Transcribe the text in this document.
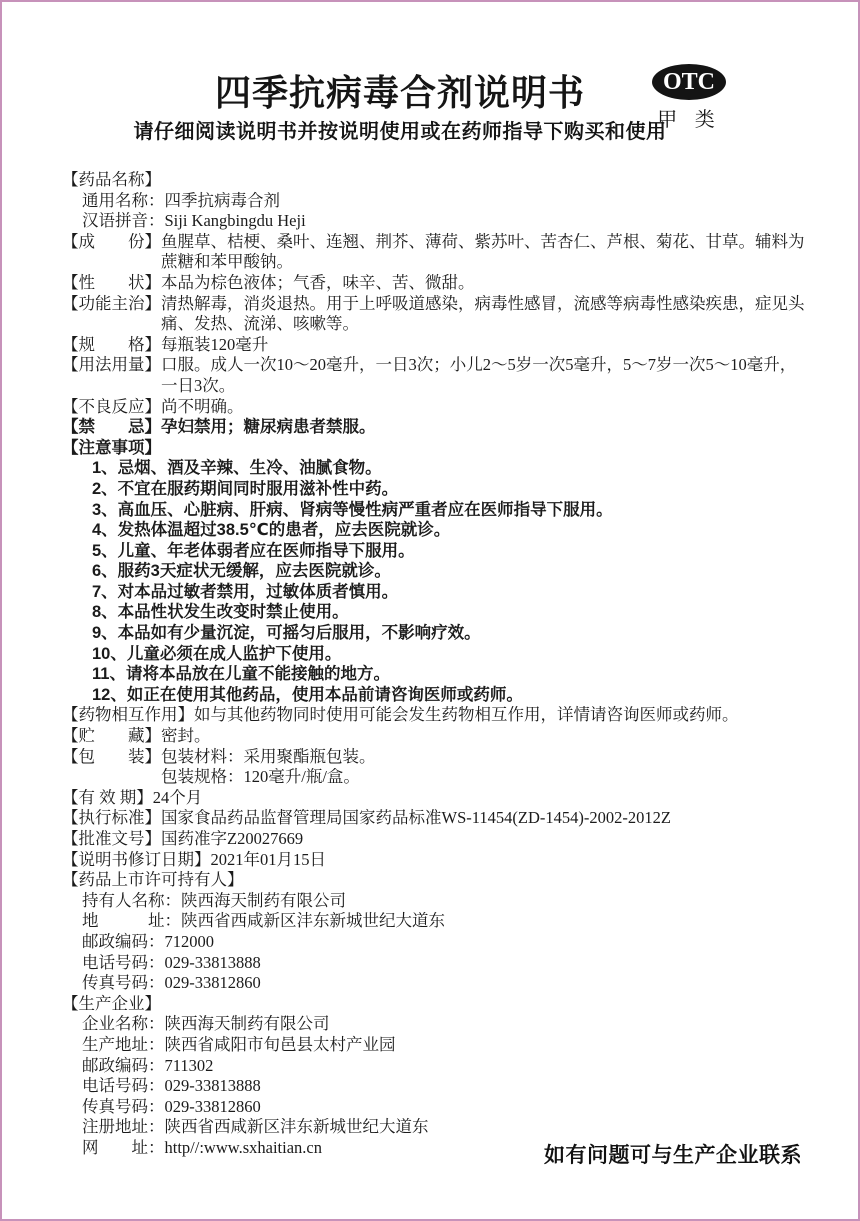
四季抗病毒合剂说明书
请仔细阅读说明书并按说明使用或在药师指导下购买和使用
OTC
甲 类
【药品名称】
通用名称：四季抗病毒合剂
汉语拼音：Siji Kangbingdu Heji
【成　　份】 鱼腥草、桔梗、桑叶、连翘、荆芥、薄荷、紫苏叶、苦杏仁、芦根、菊花、甘草。辅料为蔗糖和苯甲酸钠。
【性　　状】 本品为棕色液体；气香，味辛、苦、微甜。
【功能主治】 清热解毒，消炎退热。用于上呼吸道感染，病毒性感冒，流感等病毒性感染疾患，症见头痛、发热、流涕、咳嗽等。
【规　　格】 每瓶装120毫升
【用法用量】 口服。成人一次10～20毫升，一日3次；小儿2～5岁一次5毫升，5～7岁一次5～10毫升，一日3次。
【不良反应】 尚不明确。
【禁　　忌】 孕妇禁用；糖尿病患者禁服。
【注意事项】
1、忌烟、酒及辛辣、生冷、油腻食物。
2、不宜在服药期间同时服用滋补性中药。
3、高血压、心脏病、肝病、肾病等慢性病严重者应在医师指导下服用。
4、发热体温超过38.5℃的患者，应去医院就诊。
5、儿童、年老体弱者应在医师指导下服用。
6、服药3天症状无缓解，应去医院就诊。
7、对本品过敏者禁用，过敏体质者慎用。
8、本品性状发生改变时禁止使用。
9、本品如有少量沉淀，可摇匀后服用，不影响疗效。
10、儿童必须在成人监护下使用。
11、请将本品放在儿童不能接触的地方。
12、如正在使用其他药品，使用本品前请咨询医师或药师。
【药物相互作用】 如与其他药物同时使用可能会发生药物相互作用，详情请咨询医师或药师。
【贮　　藏】 密封。
【包　　装】 包装材料：采用聚酯瓶包装。
包装规格：120毫升/瓶/盒。
【有 效 期】 24个月
【执行标准】 国家食品药品监督管理局国家药品标准WS-11454(ZD-1454)-2002-2012Z
【批准文号】 国药准字Z20027669
【说明书修订日期】 2021年01月15日
【药品上市许可持有人】
持有人名称：陕西海天制药有限公司
地　　　址：陕西省西咸新区沣东新城世纪大道东
邮政编码：712000
电话号码：029-33813888
传真号码：029-33812860
【生产企业】
企业名称：陕西海天制药有限公司
生产地址：陕西省咸阳市旬邑县太村产业园
邮政编码：711302
电话号码：029-33813888
传真号码：029-33812860
注册地址：陕西省西咸新区沣东新城世纪大道东
网　　址：http//:www.sxhaitian.cn	如有问题可与生产企业联系
